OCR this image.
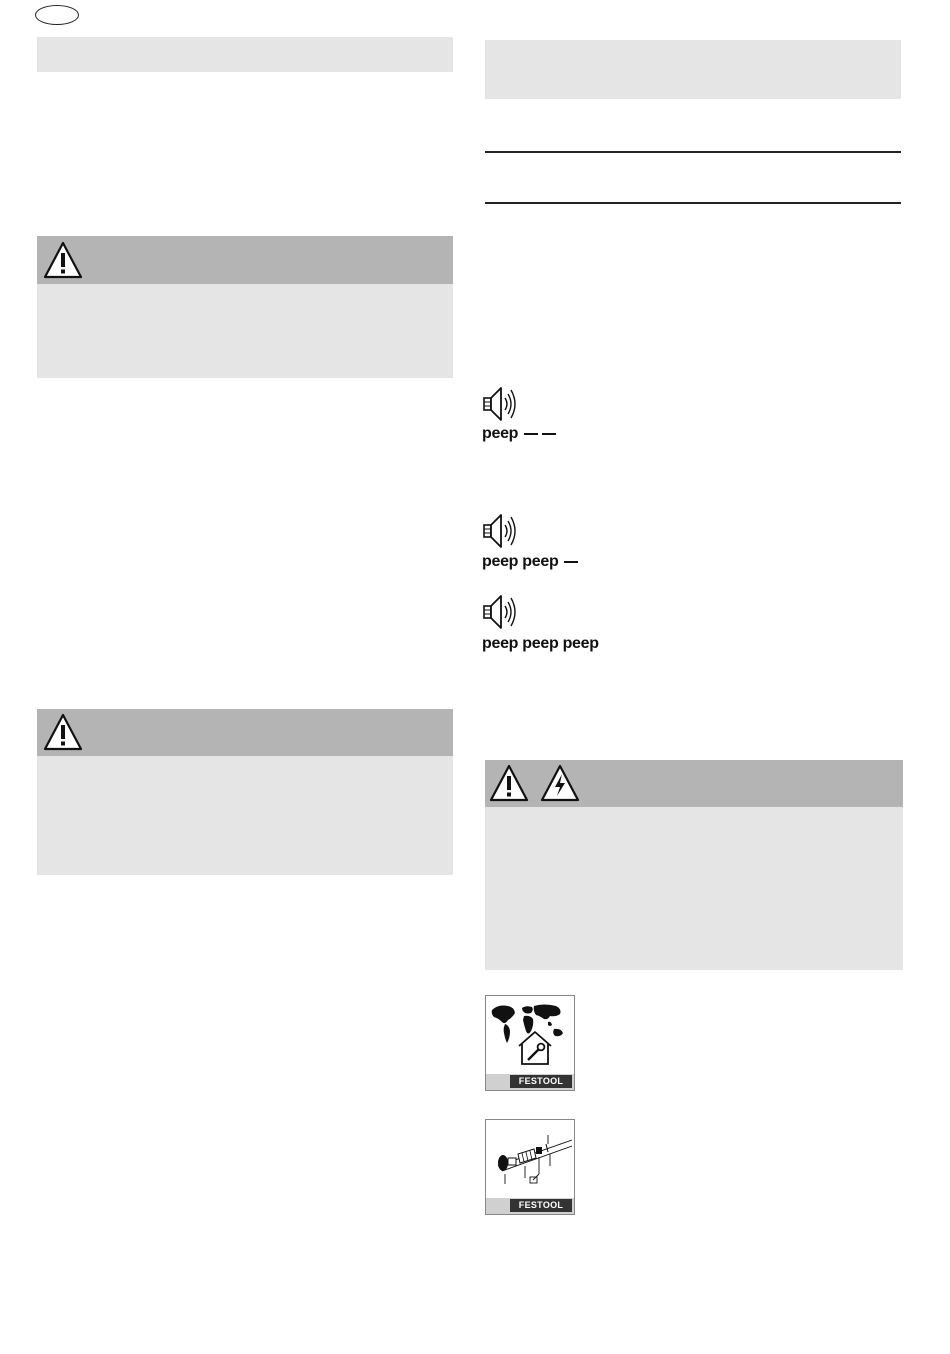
peep
peep peep
peep peep peep
FESTOOL
FESTOOL
